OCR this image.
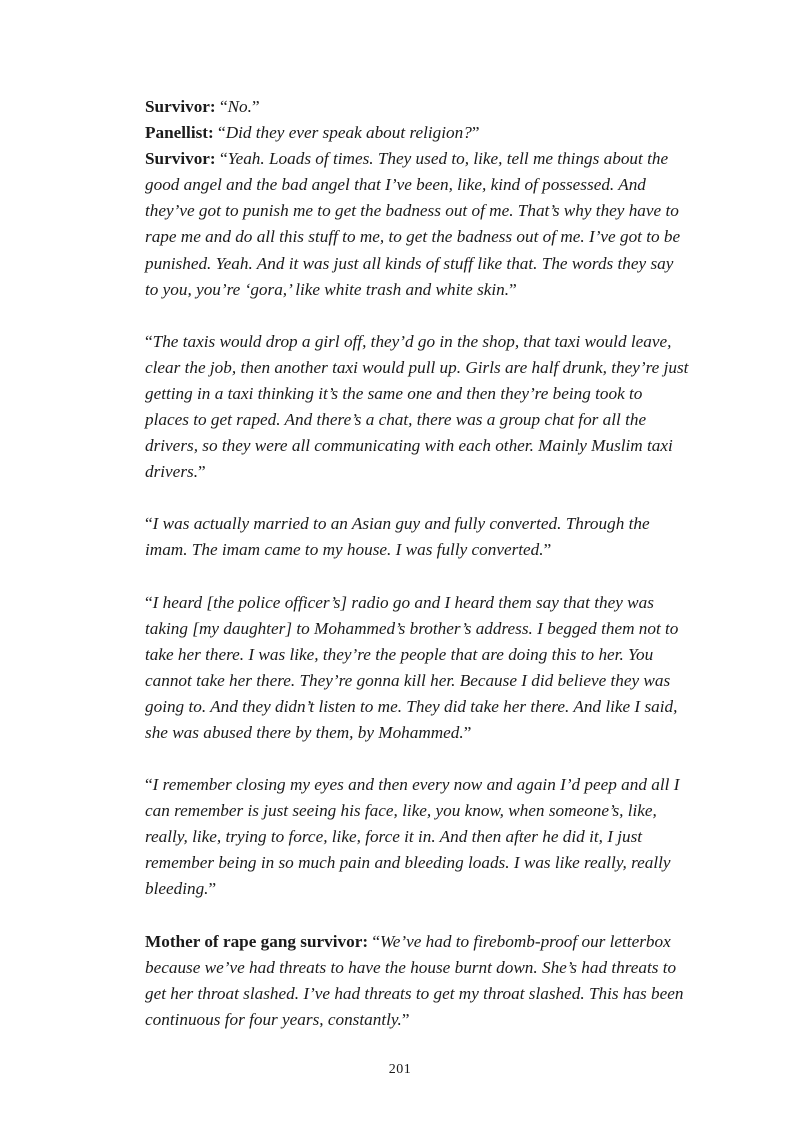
Survivor: “No.”

Panellist: “Did they ever speak about religion?”

Survivor: “Yeah. Loads of times. They used to, like, tell me things about the good angel and the bad angel that I’ve been, like, kind of possessed. And they’ve got to punish me to get the badness out of me. That’s why they have to rape me and do all this stuff to me, to get the badness out of me. I’ve got to be punished. Yeah. And it was just all kinds of stuff like that. The words they say to you, you’re ‘gora,’ like white trash and white skin.”

“The taxis would drop a girl off, they’d go in the shop, that taxi would leave, clear the job, then another taxi would pull up. Girls are half drunk, they’re just getting in a taxi thinking it’s the same one and then they’re being took to places to get raped. And there’s a chat, there was a group chat for all the drivers, so they were all communicating with each other. Mainly Muslim taxi drivers.”

“I was actually married to an Asian guy and fully converted. Through the imam. The imam came to my house. I was fully converted.”

“I heard [the police officer’s] radio go and I heard them say that they was taking [my daughter] to Mohammed’s brother’s address. I begged them not to take her there. I was like, they’re the people that are doing this to her. You cannot take her there. They’re gonna kill her. Because I did believe they was going to. And they didn’t listen to me. They did take her there. And like I said, she was abused there by them, by Mohammed.”

“I remember closing my eyes and then every now and again I’d peep and all I can remember is just seeing his face, like, you know, when someone’s, like, really, like, trying to force, like, force it in. And then after he did it, I just remember being in so much pain and bleeding loads. I was like really, really bleeding.”

Mother of rape gang survivor: “We’ve had to firebomb-proof our letterbox because we’ve had threats to have the house burnt down. She’s had threats to get her throat slashed. I’ve had threats to get my throat slashed. This has been continuous for four years, constantly.”

201
